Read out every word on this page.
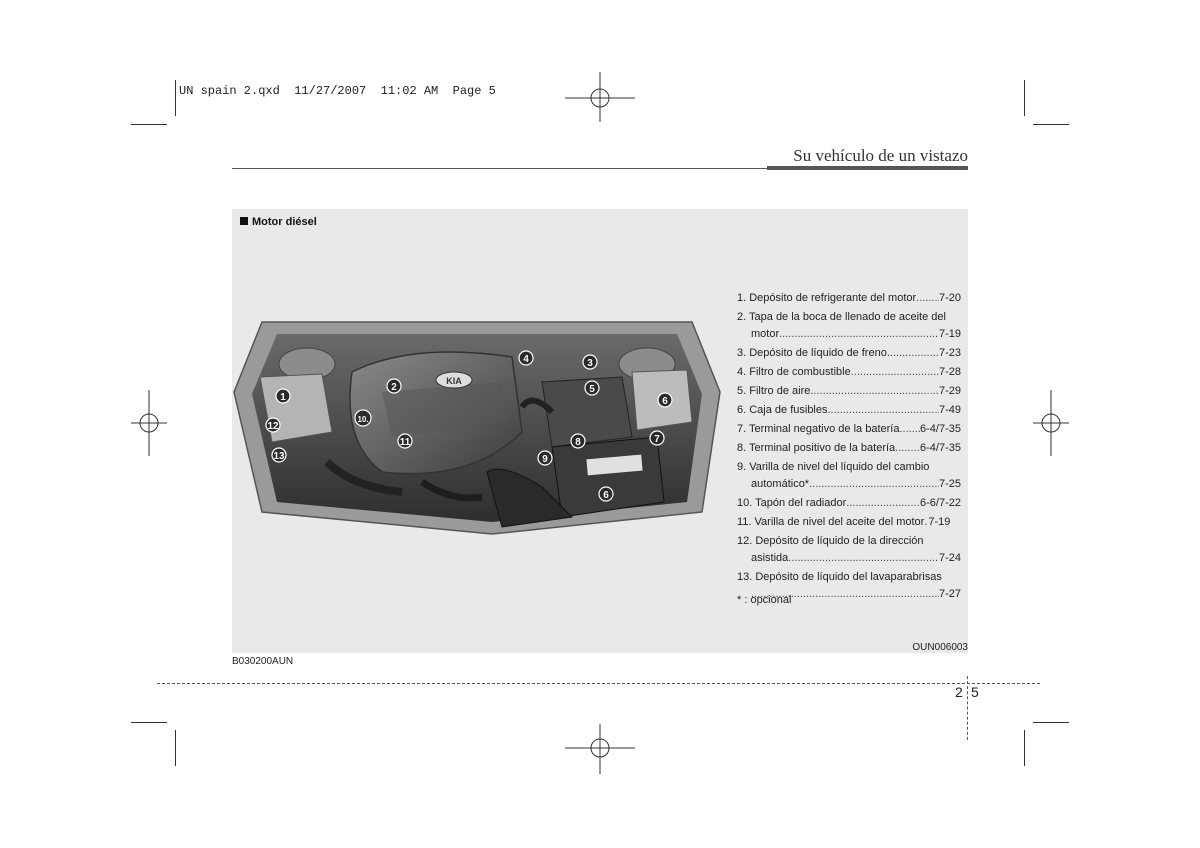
UN spain 2.qxd  11/27/2007  11:02 AM  Page 5
Su vehículo de un vistazo
Motor diésel
1
2
3
4
5
6
7
8
9
10.
11
12
13
6
KIA
1. Depósito de refrigerante del motor ..... 7-20
2. Tapa de la boca de llenado de aceite del
motor .....	7-19
3. Depósito de líquido de freno .....	7-23
4. Filtro de combustible .....	7-28
5. Filtro de aire .....	7-29
6. Caja de fusibles .....	7-49
7. Terminal negativo de la batería ..... 6-4/7-35
8. Terminal positivo de la batería ..... 6-4/7-35
9. Varilla de nivel del líquido del cambio
automático* .....	7-25
10. Tapón del radiador .....	6-6/7-22
11. Varilla de nivel del aceite del motor ..... 7-19
12. Depósito de líquido de la dirección
asistida .....	7-24
13. Depósito de líquido del lavaparabrisas
.....
7-27
* : opcional
OUN006003
B030200AUN
2 5
